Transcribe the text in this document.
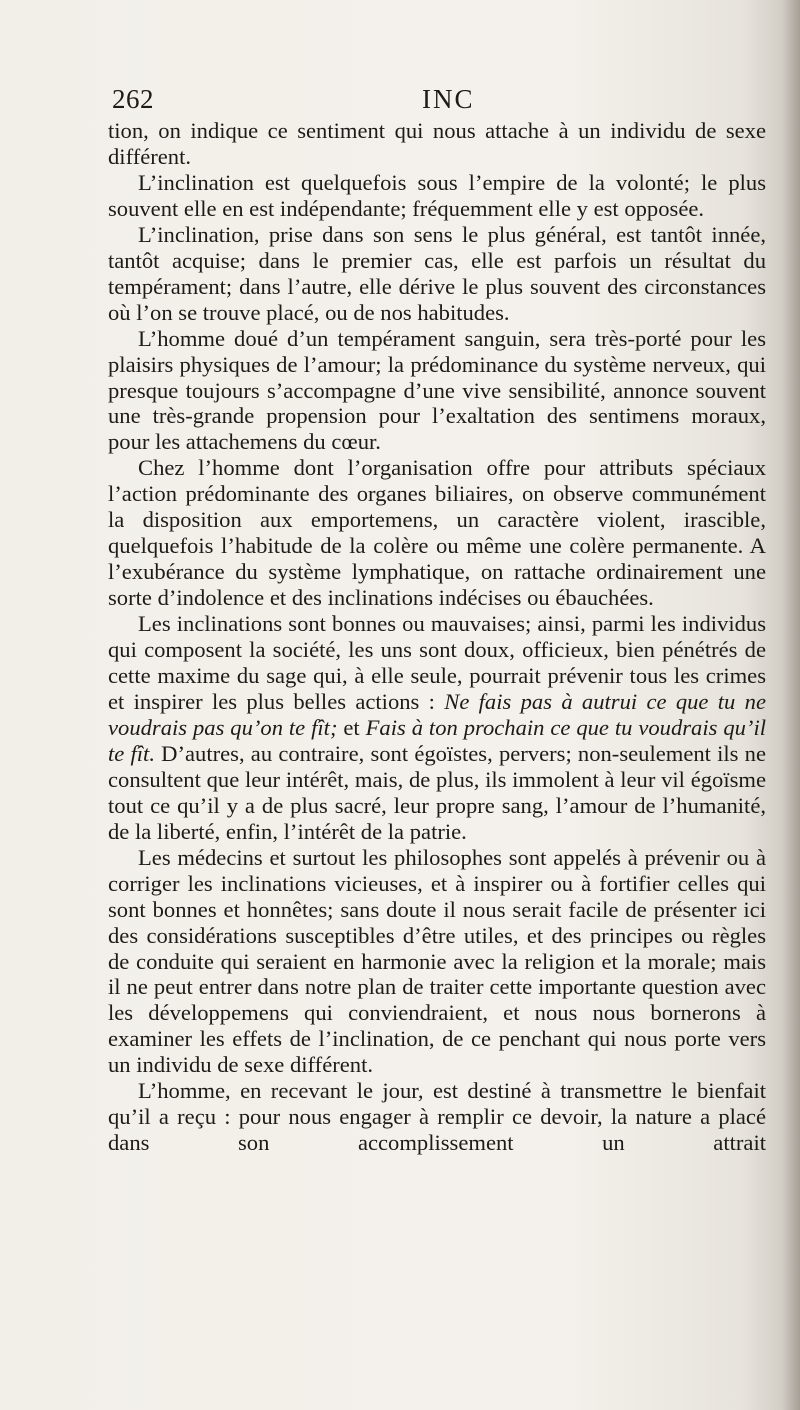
262	INC

tion, on indique ce sentiment qui nous attache à un individu de sexe différent.

L’inclination est quelquefois sous l’empire de la volonté; le plus souvent elle en est indépendante; fréquemment elle y est opposée.

L’inclination, prise dans son sens le plus général, est tantôt innée, tantôt acquise; dans le premier cas, elle est parfois un résultat du tempérament; dans l’autre, elle dérive le plus souvent des circonstances où l’on se trouve placé, ou de nos habitudes.

L’homme doué d’un tempérament sanguin, sera très-porté pour les plaisirs physiques de l’amour; la prédominance du système nerveux, qui presque toujours s’accompagne d’une vive sensibilité, annonce souvent une très-grande propension pour l’exaltation des sentimens moraux, pour les attachemens du cœur.

Chez l’homme dont l’organisation offre pour attributs spéciaux l’action prédominante des organes biliaires, on observe communément la disposition aux emportemens, un caractère violent, irascible, quelquefois l’habitude de la colère ou même une colère permanente. A l’exubérance du système lymphatique, on rattache ordinairement une sorte d’indolence et des inclinations indécises ou ébauchées.

Les inclinations sont bonnes ou mauvaises; ainsi, parmi les individus qui composent la société, les uns sont doux, officieux, bien pénétrés de cette maxime du sage qui, à elle seule, pourrait prévenir tous les crimes et inspirer les plus belles actions : Ne fais pas à autrui ce que tu ne voudrais pas qu’on te fît; et Fais à ton prochain ce que tu voudrais qu’il te fît. D’autres, au contraire, sont égoïstes, pervers; non-seulement ils ne consultent que leur intérêt, mais, de plus, ils immolent à leur vil égoïsme tout ce qu’il y a de plus sacré, leur propre sang, l’amour de l’humanité, de la liberté, enfin, l’intérêt de la patrie.

Les médecins et surtout les philosophes sont appelés à prévenir ou à corriger les inclinations vicieuses, et à inspirer ou à fortifier celles qui sont bonnes et honnêtes; sans doute il nous serait facile de présenter ici des considérations susceptibles d’être utiles, et des principes ou règles de conduite qui seraient en harmonie avec la religion et la morale; mais il ne peut entrer dans notre plan de traiter cette importante question avec les développemens qui conviendraient, et nous nous bornerons à examiner les effets de l’inclination, de ce penchant qui nous porte vers un individu de sexe différent.

L’homme, en recevant le jour, est destiné à transmettre le bienfait qu’il a reçu : pour nous engager à remplir ce devoir, la nature a placé dans son accomplissement un attrait
